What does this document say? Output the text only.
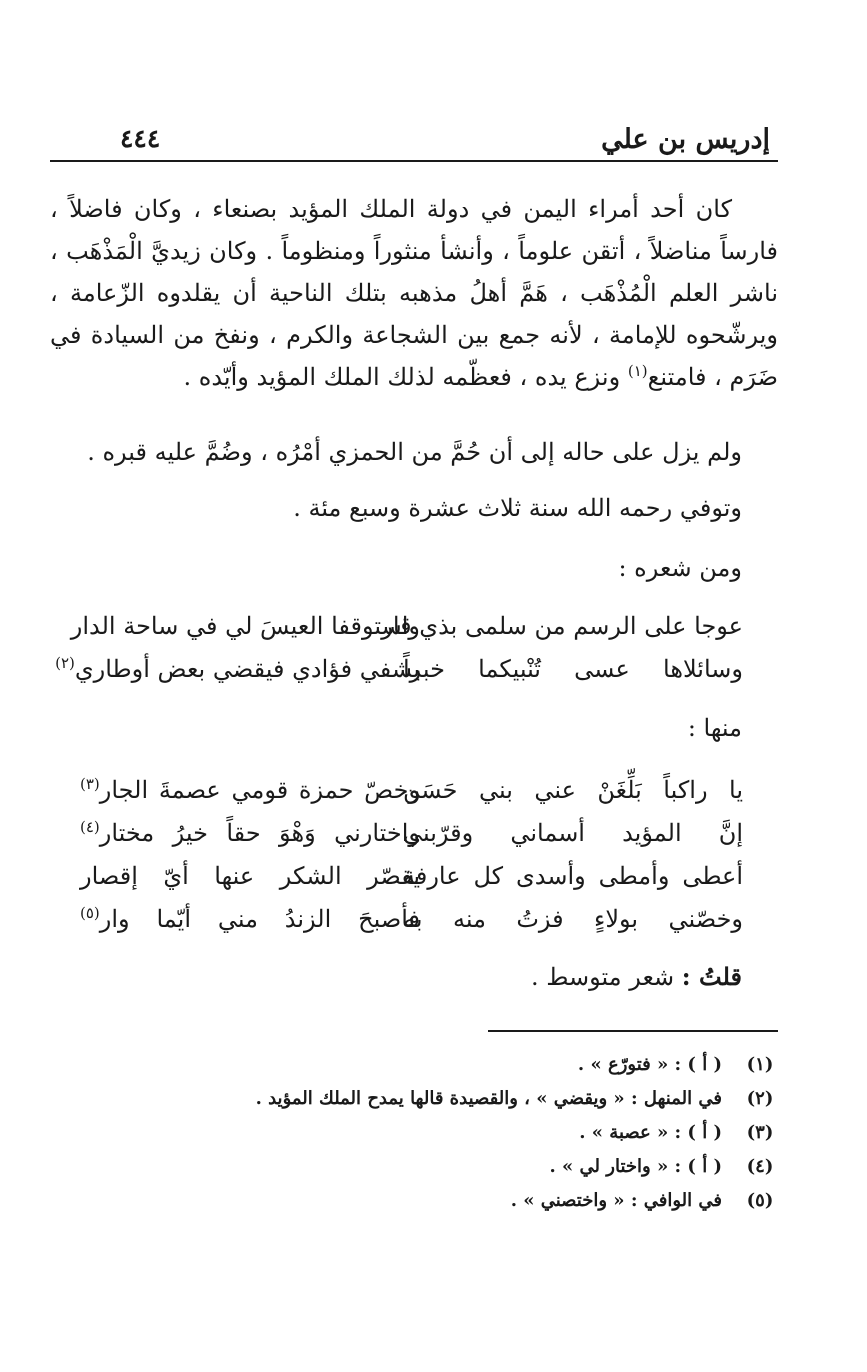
إدريس بن علي
٤٤٤

كان أحد أمراء اليمن في دولة الملك المؤيد بصنعاء ، وكان فاضلاً ، فارساً مناضلاً ، أتقن علوماً ، وأنشأ منثوراً ومنظوماً . وكان زيديَّ الْمَذْهَب ، ناشر العلم الْمُذْهَب ، هَمَّ أهلُ مذهبه بتلك الناحية أن يقلدوه الزّعامة ، ويرشّحوه للإمامة ، لأنه جمع بين الشجاعة والكرم ، ونفخ من السيادة في ضَرَم ، فامتنع$^{(١)}$ ونزع يده ، فعظّمه لذلك الملك المؤيد وأيّده .

ولم يزل على حاله إلى أن حُمَّ من الحمزي أمْرُه ، وضُمَّ عليه قبره .
وتوفي رحمه الله سنة ثلاث عشرة وسبع مئة .
ومن شعره :
عوجا على الرسم من سلمى بذي قار
واستوقفا العيسَ لي في ساحة الدار
وسائلاها عسى تُنْبيكما خبراً
يشفي فؤادي فيقضي بعض أوطاري$^{(٢)}$
منها :
يا راكباً بَلِّغَنْ عني بني حَسَن
وخصّ حمزة قومي عصمةَ الجار$^{(٣)}$
إنَّ المؤيد أسماني وقرّبني
واختارني وَهْوَ حقاً خيرُ مختار$^{(٤)}$
أعطى وأمطى وأسدى كل عارفة
يقصّر الشكر عنها أيّ إقصار
وخصّني بولاءٍ فزتُ منه به
فأصبحَ الزندُ مني أيّما وار$^{(٥)}$
قلتُ : شعر متوسط .
(١)
( أ ) : « فتورّع » .
(٢)
في المنهل : « ويقضي » ، والقصيدة قالها يمدح الملك المؤيد .
(٣)
( أ ) : « عصبة » .
(٤)
( أ ) : « واختار لي » .
(٥)
في الوافي : « واختصني » .
